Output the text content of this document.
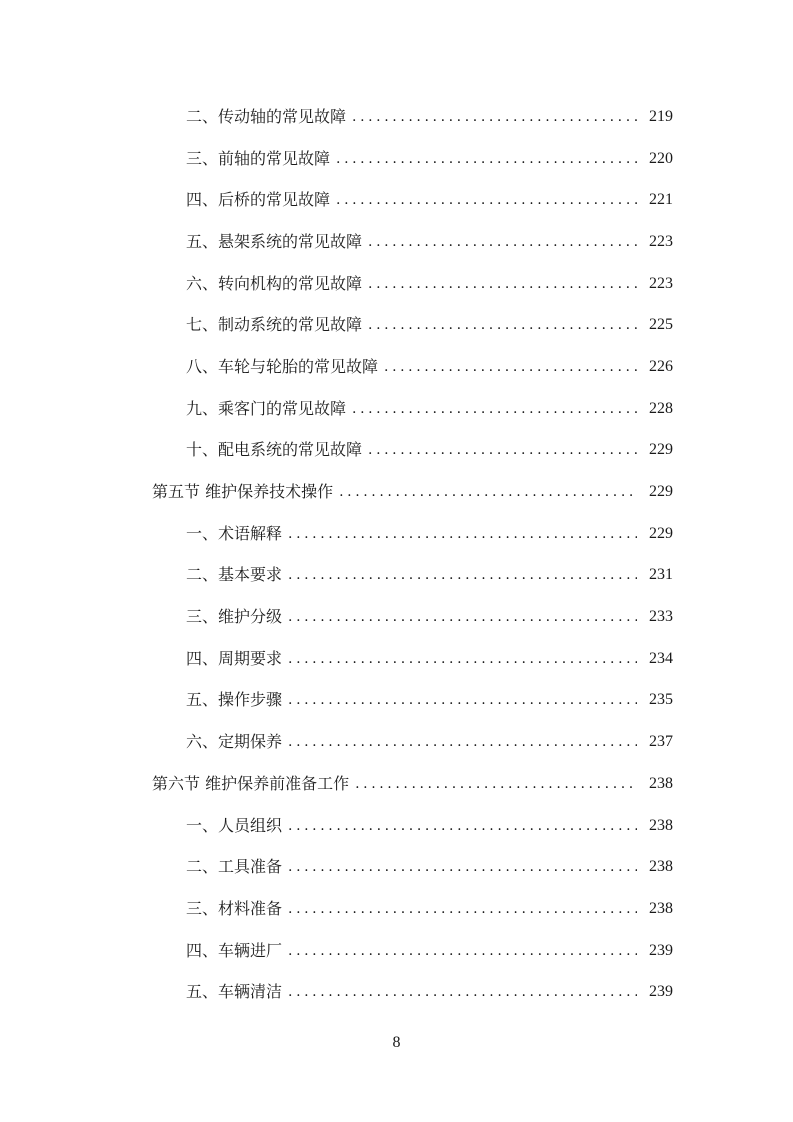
二、传动轴的常见故障 .....	219
三、前轴的常见故障 .....	220
四、后桥的常见故障 .....	221
五、悬架系统的常见故障 .....	223
六、转向机构的常见故障 .....	223
七、制动系统的常见故障 .....	225
八、车轮与轮胎的常见故障 .....	226
九、乘客门的常见故障 .....	228
十、配电系统的常见故障 .....	229
第五节 维护保养技术操作 .....	229
一、术语解释 .....	229
二、基本要求 .....	231
三、维护分级 .....	233
四、周期要求 .....	234
五、操作步骤 .....	235
六、定期保养 .....	237
第六节 维护保养前准备工作 .....	238
一、人员组织 .....	238
二、工具准备 .....	238
三、材料准备 .....	238
四、车辆进厂 .....	239
五、车辆清洁 .....	239
8
